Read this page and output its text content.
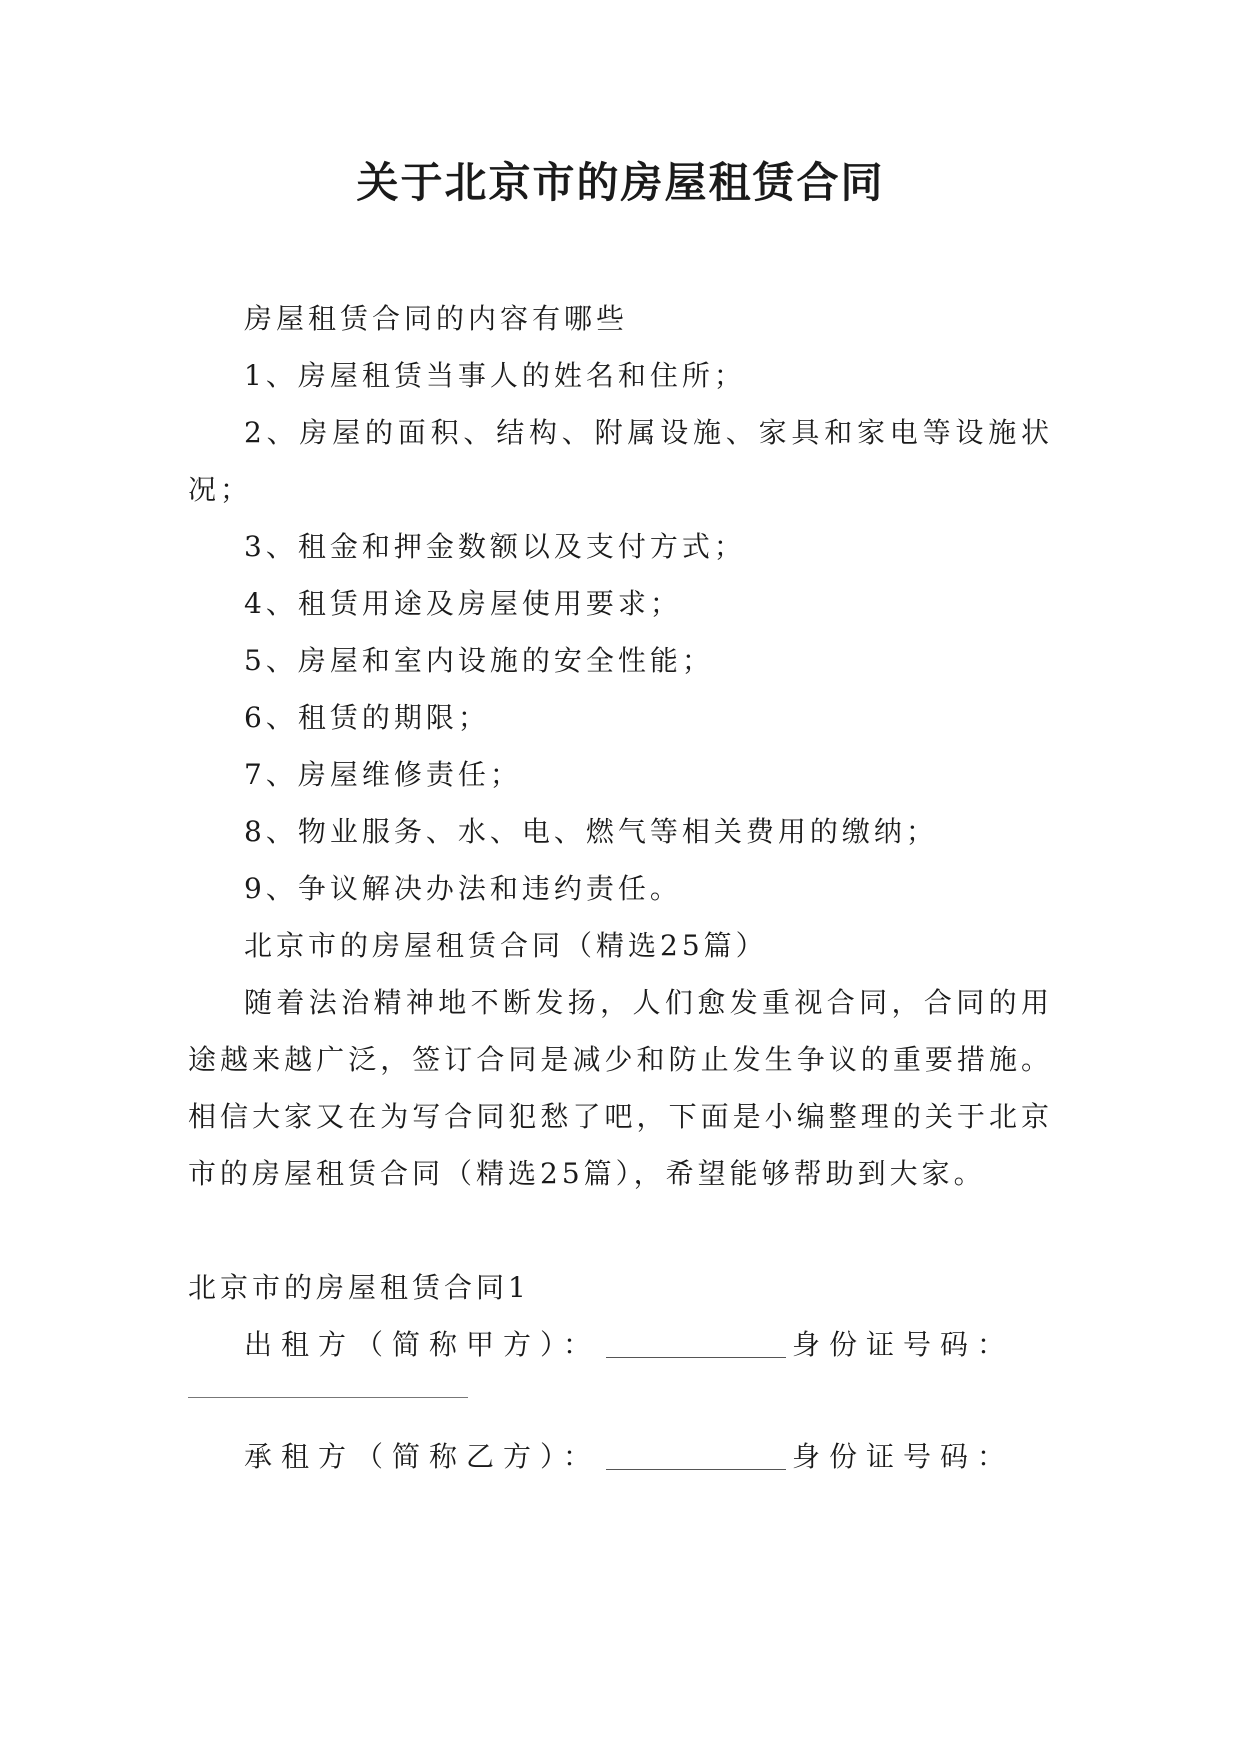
关于北京市的房屋租赁合同

房屋租赁合同的内容有哪些

1、房屋租赁当事人的姓名和住所；

2、房屋的面积、结构、附属设施、家具和家电等设施状况；

3、租金和押金数额以及支付方式；

4、租赁用途及房屋使用要求；

5、房屋和室内设施的安全性能；

6、租赁的期限；

7、房屋维修责任；

8、物业服务、水、电、燃气等相关费用的缴纳；

9、争议解决办法和违约责任。

北京市的房屋租赁合同（精选25篇）

随着法治精神地不断发扬，人们愈发重视合同，合同的用途越来越广泛，签订合同是减少和防止发生争议的重要措施。相信大家又在为写合同犯愁了吧，下面是小编整理的关于北京市的房屋租赁合同（精选25篇），希望能够帮助到大家。

北京市的房屋租赁合同1

出租方（简称甲方）：	身份证号码：

承租方（简称乙方）：	身份证号码：
